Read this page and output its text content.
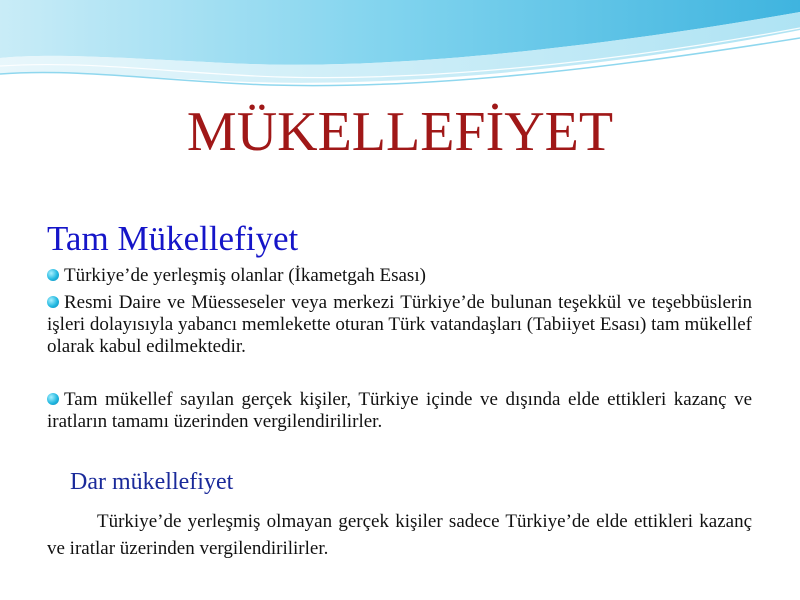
MÜKELLEFİYET
Tam Mükellefiyet
Türkiye’de yerleşmiş olanlar (İkametgah Esası)
Resmi Daire ve Müesseseler veya merkezi Türkiye’de bulunan teşekkül ve teşebbüslerin işleri dolayısıyla yabancı memlekette oturan Türk vatandaşları (Tabiiyet Esası) tam mükellef olarak kabul edilmektedir.
Tam mükellef sayılan gerçek kişiler, Türkiye içinde ve dışında elde ettikleri kazanç ve iratların tamamı üzerinden vergilendirilirler.
Dar mükellefiyet
Türkiye’de yerleşmiş olmayan gerçek kişiler sadece Türkiye’de elde ettikleri kazanç ve iratlar üzerinden vergilendirilirler.
